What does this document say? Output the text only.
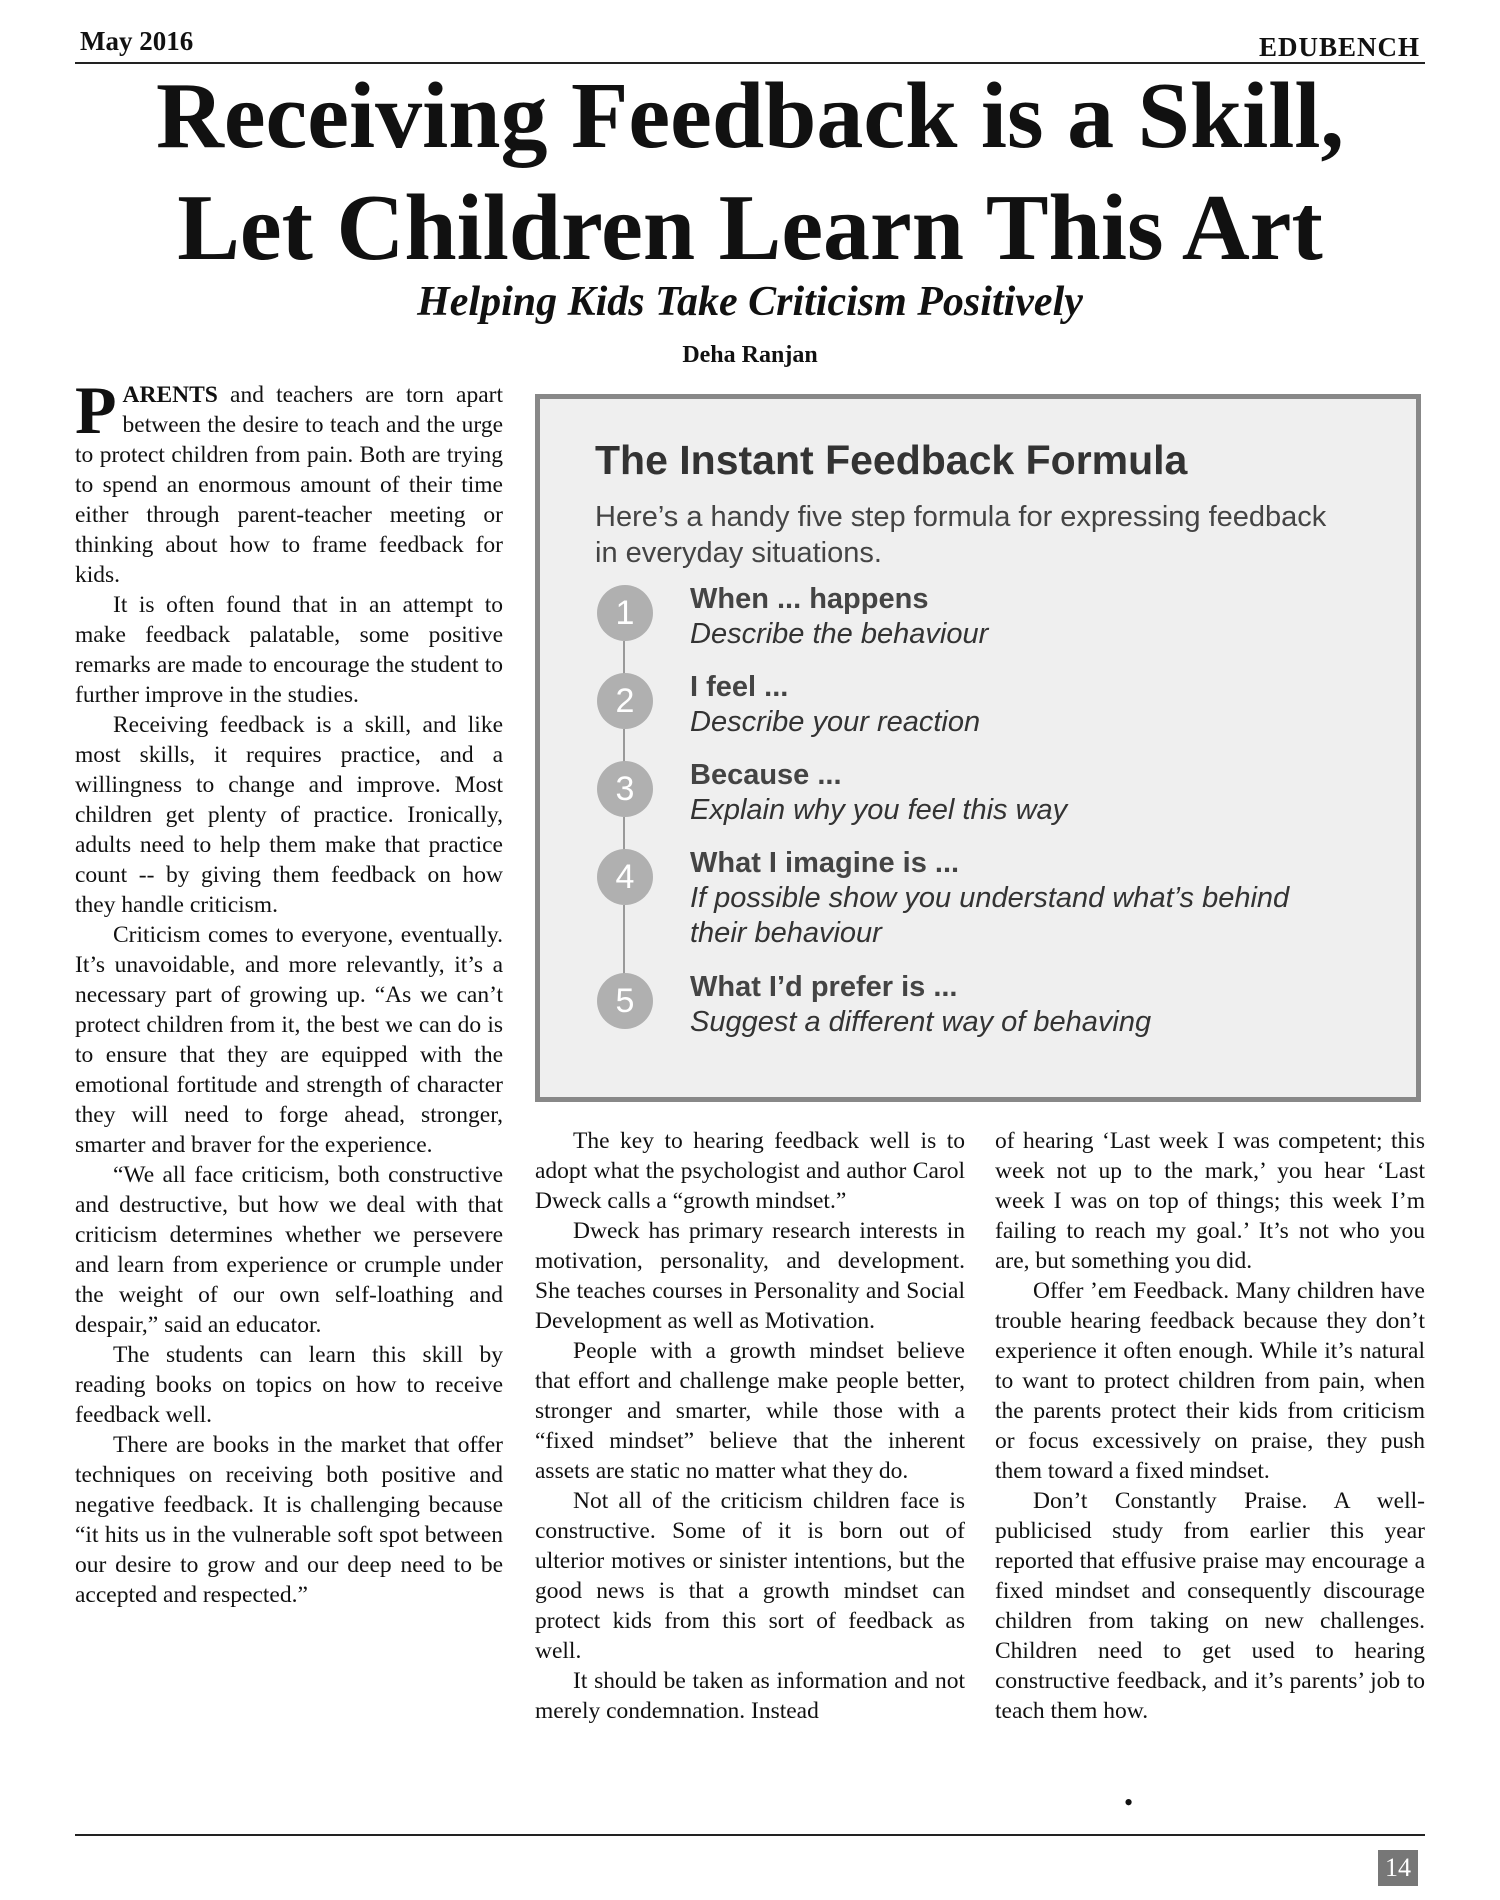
May 2016	EDUBENCH
Receiving Feedback is a Skill,
Let Children Learn This Art
Helping Kids Take Criticism Positively
Deha Ranjan

PARENTS and teachers are torn apart between the desire to teach and the urge to protect children from pain. Both are trying to spend an enormous amount of their time either through parent-teacher meeting or thinking about how to frame feedback for kids.

It is often found that in an attempt to make feedback palatable, some positive remarks are made to encourage the student to further improve in the studies.

Receiving feedback is a skill, and like most skills, it requires practice, and a willingness to change and improve. Most children get plenty of practice. Ironically, adults need to help them make that practice count -- by giving them feedback on how they handle criticism.

Criticism comes to everyone, eventually. It’s unavoidable, and more relevantly, it’s a necessary part of growing up. “As we can’t protect children from it, the best we can do is to ensure that they are equipped with the emotional fortitude and strength of character they will need to forge ahead, stronger, smarter and braver for the experience.

“We all face criticism, both constructive and destructive, but how we deal with that criticism determines whether we persevere and learn from experience or crumple under the weight of our own self-loathing and despair,” said an educator.

The students can learn this skill by reading books on topics on how to receive feedback well.

There are books in the market that offer techniques on receiving both positive and negative feedback. It is challenging because “it hits us in the vulnerable soft spot between our desire to grow and our deep need to be accepted and respected.”

The Instant Feedback Formula
Here’s a handy five step formula for expressing feedback in everyday situations.
1	When ... happens
Describe the behaviour
2	I feel ...
Describe your reaction
3	Because ...
Explain why you feel this way
4	What I imagine is ...
If possible show you understand what’s behind their behaviour
5	What I’d prefer is ...
Suggest a different way of behaving

The key to hearing feedback well is to adopt what the psychologist and author Carol Dweck calls a “growth mindset.”

Dweck has primary research interests in motivation, personality, and development. She teaches courses in Personality and Social Development as well as Motivation.

People with a growth mindset believe that effort and challenge make people better, stronger and smarter, while those with a “fixed mindset” believe that the inherent assets are static no matter what they do.

Not all of the criticism children face is constructive. Some of it is born out of ulterior motives or sinister intentions, but the good news is that a growth mindset can protect kids from this sort of feedback as well.

It should be taken as information and not merely condemnation. Instead

of hearing ‘Last week I was competent; this week not up to the mark,’ you hear ‘Last week I was on top of things; this week I’m failing to reach my goal.’ It’s not who you are, but something you did.

Offer ’em Feedback. Many children have trouble hearing feedback because they don’t experience it often enough. While it’s natural to want to protect children from pain, when the parents protect their kids from criticism or focus excessively on praise, they push them toward a fixed mindset.

Don’t Constantly Praise. A well-publicised study from earlier this year reported that effusive praise may encourage a fixed mindset and consequently discourage children from taking on new challenges. Children need to get used to hearing constructive feedback, and it’s parents’ job to teach them how.

•
14
